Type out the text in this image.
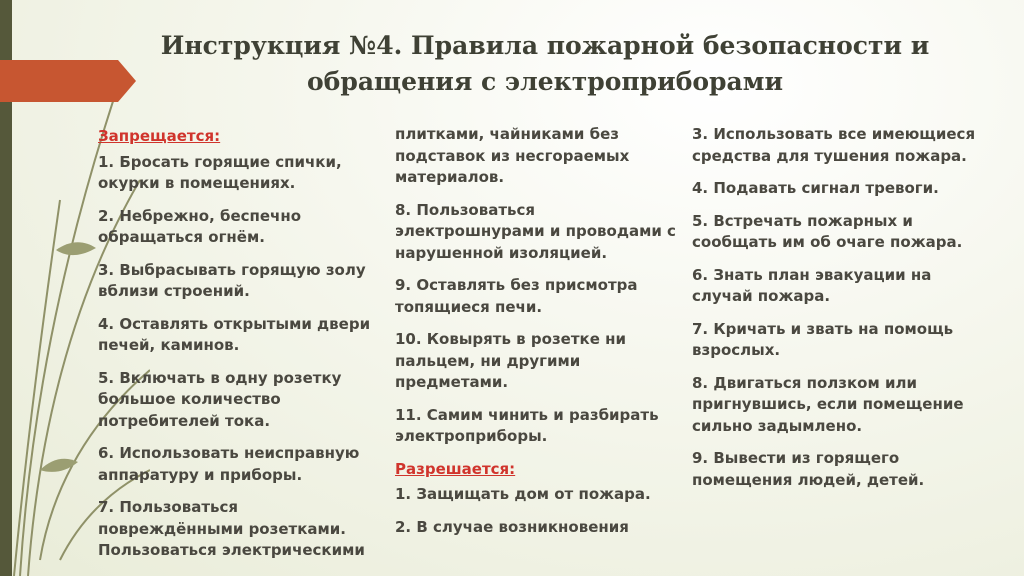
Инструкция №4. Правила пожарной безопасности и
обращения с электроприборами
Запрещается:
1. Бросать горящие спички, окурки в помещениях.
2. Небрежно, беспечно обращаться огнём.
3. Выбрасывать горящую золу вблизи строений.
4. Оставлять открытыми двери печей, каминов.
5. Включать в одну розетку большое количество потребителей тока.
6. Использовать неисправную аппаратуру и приборы.
7. Пользоваться повреждёнными розетками. Пользоваться электрическими
плитками, чайниками без подставок из несгораемых материалов.
8. Пользоваться электрошнурами и проводами с нарушенной изоляцией.
9. Оставлять без присмотра топящиеся печи.
10. Ковырять в розетке ни пальцем, ни другими предметами.
11. Самим чинить и разбирать электроприборы.
Разрешается:
1. Защищать дом от пожара.
2. В случае возникновения
3. Использовать все имеющиеся средства для тушения пожара.
4. Подавать сигнал тревоги.
5. Встречать пожарных и сообщать им об очаге пожара.
6. Знать план эвакуации на случай пожара.
7. Кричать и звать на помощь взрослых.
8. Двигаться ползком или пригнувшись, если помещение сильно задымлено.
9. Вывести из горящего помещения людей, детей.
